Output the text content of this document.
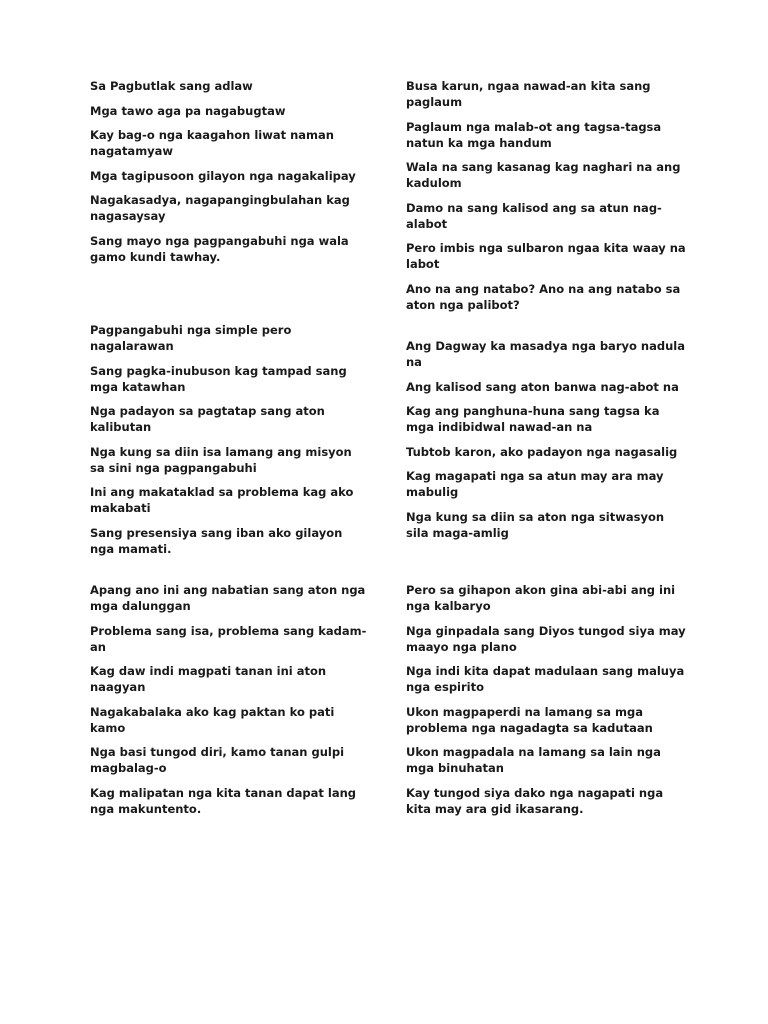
Sa Pagbutlak sang adlaw

Mga tawo aga pa nagabugtaw

Kay bag-o nga kaagahon liwat naman nagatamyaw

Mga tagipusoon gilayon nga nagakalipay

Nagakasadya, nagapangingbulahan kag nagasaysay

Sang mayo nga pagpangabuhi nga wala gamo kundi tawhay.

Busa karun, ngaa nawad-an kita sang paglaum

Paglaum nga malab-ot ang tagsa-tagsa natun ka mga handum

Wala na sang kasanag kag naghari na ang kadulom

Damo na sang kalisod ang sa atun nag-alabot

Pero imbis nga sulbaron ngaa kita waay na labot

Ano na ang natabo? Ano na ang natabo sa aton nga palibot?

Pagpangabuhi nga simple pero nagalarawan

Sang pagka-inubuson kag tampad sang mga katawhan

Nga padayon sa pagtatap sang aton kalibutan

Nga kung sa diin isa lamang ang misyon sa sini nga pagpangabuhi

Ini ang makataklad sa problema kag ako makabati

Sang presensiya sang iban ako gilayon nga mamati.

Ang Dagway ka masadya nga baryo nadula na

Ang kalisod sang aton banwa nag-abot na

Kag ang panghuna-huna sang tagsa ka mga indibidwal nawad-an na

Tubtob karon, ako padayon nga nagasalig

Kag magapati nga sa atun may ara may mabulig

Nga kung sa diin sa aton nga sitwasyon sila maga-amlig

Apang ano ini ang nabatian sang aton nga mga dalunggan

Problema sang isa, problema sang kadam-an

Kag daw indi magpati tanan ini aton naagyan

Nagakabalaka ako kag paktan ko pati kamo

Nga basi tungod diri, kamo tanan gulpi magbalag-o

Kag malipatan nga kita tanan dapat lang nga makuntento.

Pero sa gihapon akon gina abi-abi ang ini nga kalbaryo

Nga ginpadala sang Diyos tungod siya may maayo nga plano

Nga indi kita dapat madulaan sang maluya nga espirito

Ukon magpaperdi na lamang sa mga problema nga nagadagta sa kadutaan

Ukon magpadala na lamang sa lain nga mga binuhatan

Kay tungod siya dako nga nagapati nga kita may ara gid ikasarang.
